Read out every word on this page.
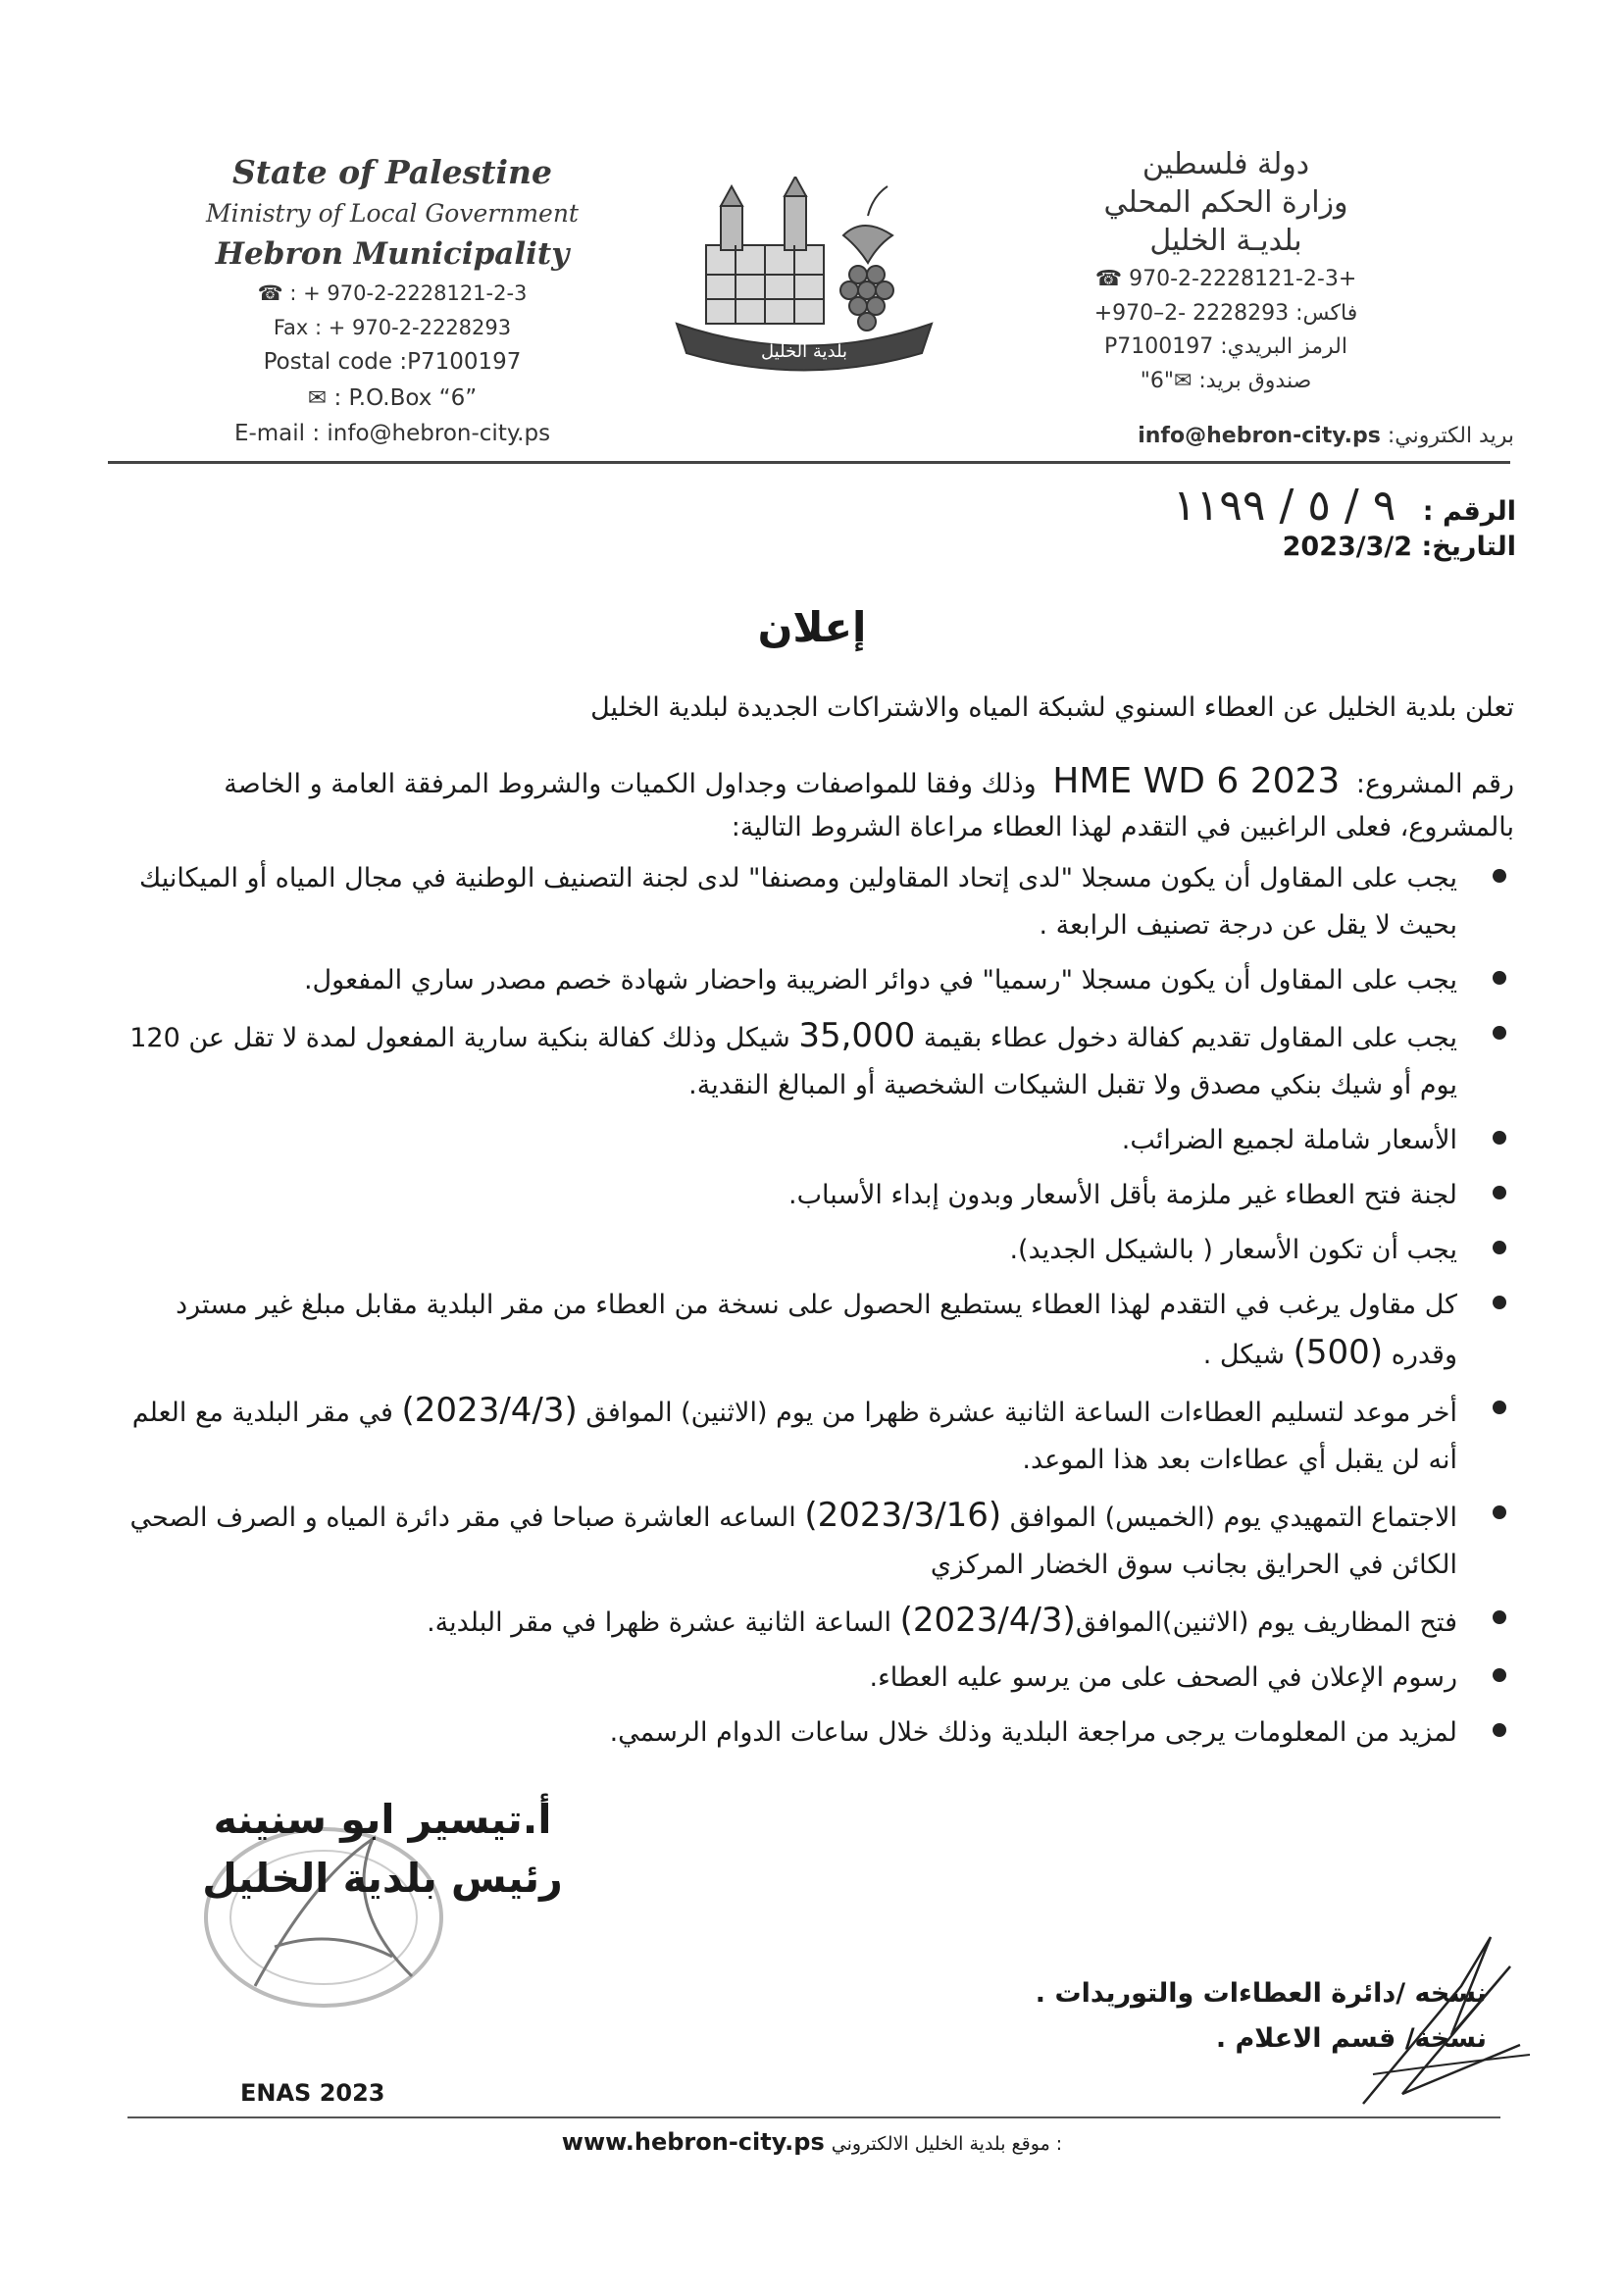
State of Palestine
Ministry of Local Government
Hebron Municipality
☎ : + 970-2-2228121-2-3
Fax : + 970-2-2228293
Postal code :P7100197
✉ : P.O.Box “6”
E-mail : info@hebron-city.ps
بلدية الخليل
دولة فلسطين
وزارة الحكم المحلي
بلديـة الخليل
☎ 970-2-2228121-2-3+
فاكس: +970–2- 2228293
الرمز البريدي: P7100197
صندوق بريد: "6"✉
بريد الكتروني: info@hebron-city.ps
الرقم : ٩ / ٥ / ١١٩٩
التاريخ: 2023/3/2
إعلان
تعلن بلدية الخليل عن العطاء السنوي لشبكة المياه والاشتراكات الجديدة لبلدية الخليل
رقم المشروع: HME WD 6 2023 وذلك وفقا للمواصفات وجداول الكميات والشروط المرفقة العامة و الخاصة بالمشروع، فعلى الراغبين في التقدم لهذا العطاء مراعاة الشروط التالية:
يجب على المقاول أن يكون مسجلا "لدى إتحاد المقاولين ومصنفا" لدى لجنة التصنيف الوطنية في مجال المياه أو الميكانيك بحيث لا يقل عن درجة تصنيف الرابعة .
يجب على المقاول أن يكون مسجلا "رسميا" في دوائر الضريبة واحضار شهادة خصم مصدر ساري المفعول.
يجب على المقاول تقديم كفالة دخول عطاء بقيمة 35,000 شيكل وذلك كفالة بنكية سارية المفعول لمدة لا تقل عن 120 يوم أو شيك بنكي مصدق ولا تقبل الشيكات الشخصية أو المبالغ النقدية.
الأسعار شاملة لجميع الضرائب.
لجنة فتح العطاء غير ملزمة بأقل الأسعار وبدون إبداء الأسباب.
يجب أن تكون الأسعار ( بالشيكل الجديد).
كل مقاول يرغب في التقدم لهذا العطاء يستطيع الحصول على نسخة من العطاء من مقر البلدية مقابل مبلغ غير مسترد وقدره (500) شيكل .
أخر موعد لتسليم العطاءات الساعة الثانية عشرة ظهرا من يوم (الاثنين) الموافق (2023/4/3) في مقر البلدية مع العلم أنه لن يقبل أي عطاءات بعد هذا الموعد.
الاجتماع التمهيدي يوم (الخميس) الموافق (2023/3/16) الساعه العاشرة صباحا في مقر دائرة المياه و الصرف الصحي الكائن في الحرايق بجانب سوق الخضار المركزي
فتح المظاريف يوم (الاثنين)الموافق(2023/4/3) الساعة الثانية عشرة ظهرا في مقر البلدية.
رسوم الإعلان في الصحف على من يرسو عليه العطاء.
لمزيد من المعلومات يرجى مراجعة البلدية وذلك خلال ساعات الدوام الرسمي.
أ.تيسير ابو سنينه
رئيس بلدية الخليل
نسخه /دائرة العطاءات والتوريدات .
نسخة/ قسم الاعلام .
ENAS 2023
www.hebron-city.ps موقع بلدية الخليل الالكتروني :
